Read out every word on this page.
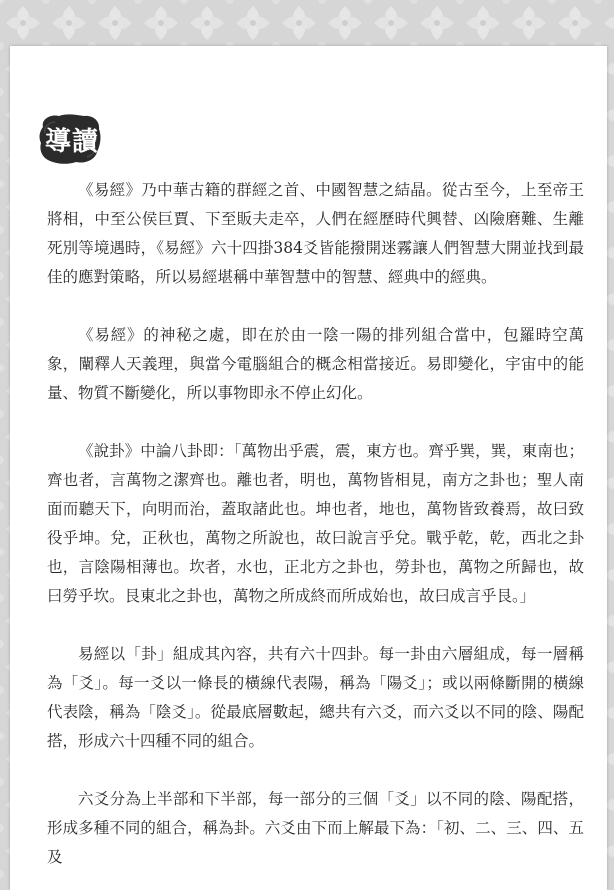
導讀

《易經》乃中華古籍的群經之首、中國智慧之結晶。從古至今，上至帝王將相，中至公侯巨賈、下至販夫走卒，人們在經歷時代興替、凶險磨難、生離死別等境遇時，《易經》六十四掛384爻皆能撥開迷霧讓人們智慧大開並找到最佳的應對策略，所以易經堪稱中華智慧中的智慧、經典中的經典。

《易經》的神秘之處，即在於由一陰一陽的排列組合當中，包羅時空萬象，闡釋人天義理，與當今電腦組合的概念相當接近。易即變化，宇宙中的能量、物質不斷變化，所以事物即永不停止幻化。

《說卦》中論八卦即：「萬物出乎震，震，東方也。齊乎巽，巽，東南也；齊也者，言萬物之潔齊也。離也者，明也，萬物皆相見，南方之卦也；聖人南面而聽天下，向明而治，蓋取諸此也。坤也者，地也，萬物皆致養焉，故曰致役乎坤。兌，正秋也，萬物之所說也，故曰說言乎兌。戰乎乾，乾，西北之卦也，言陰陽相薄也。坎者，水也，正北方之卦也，勞卦也，萬物之所歸也，故曰勞乎坎。艮東北之卦也，萬物之所成終而所成始也，故曰成言乎艮。」

易經以「卦」組成其內容，共有六十四卦。每一卦由六層組成，每一層稱為「爻」。每一爻以一條長的橫線代表陽，稱為「陽爻」；或以兩條斷開的橫線代表陰，稱為「陰爻」。從最底層數起，總共有六爻，而六爻以不同的陰、陽配搭，形成六十四種不同的組合。

六爻分為上半部和下半部，每一部分的三個「爻」以不同的陰、陽配搭，形成多種不同的組合，稱為卦。六爻由下而上解最下為：「初、二、三、四、五及
